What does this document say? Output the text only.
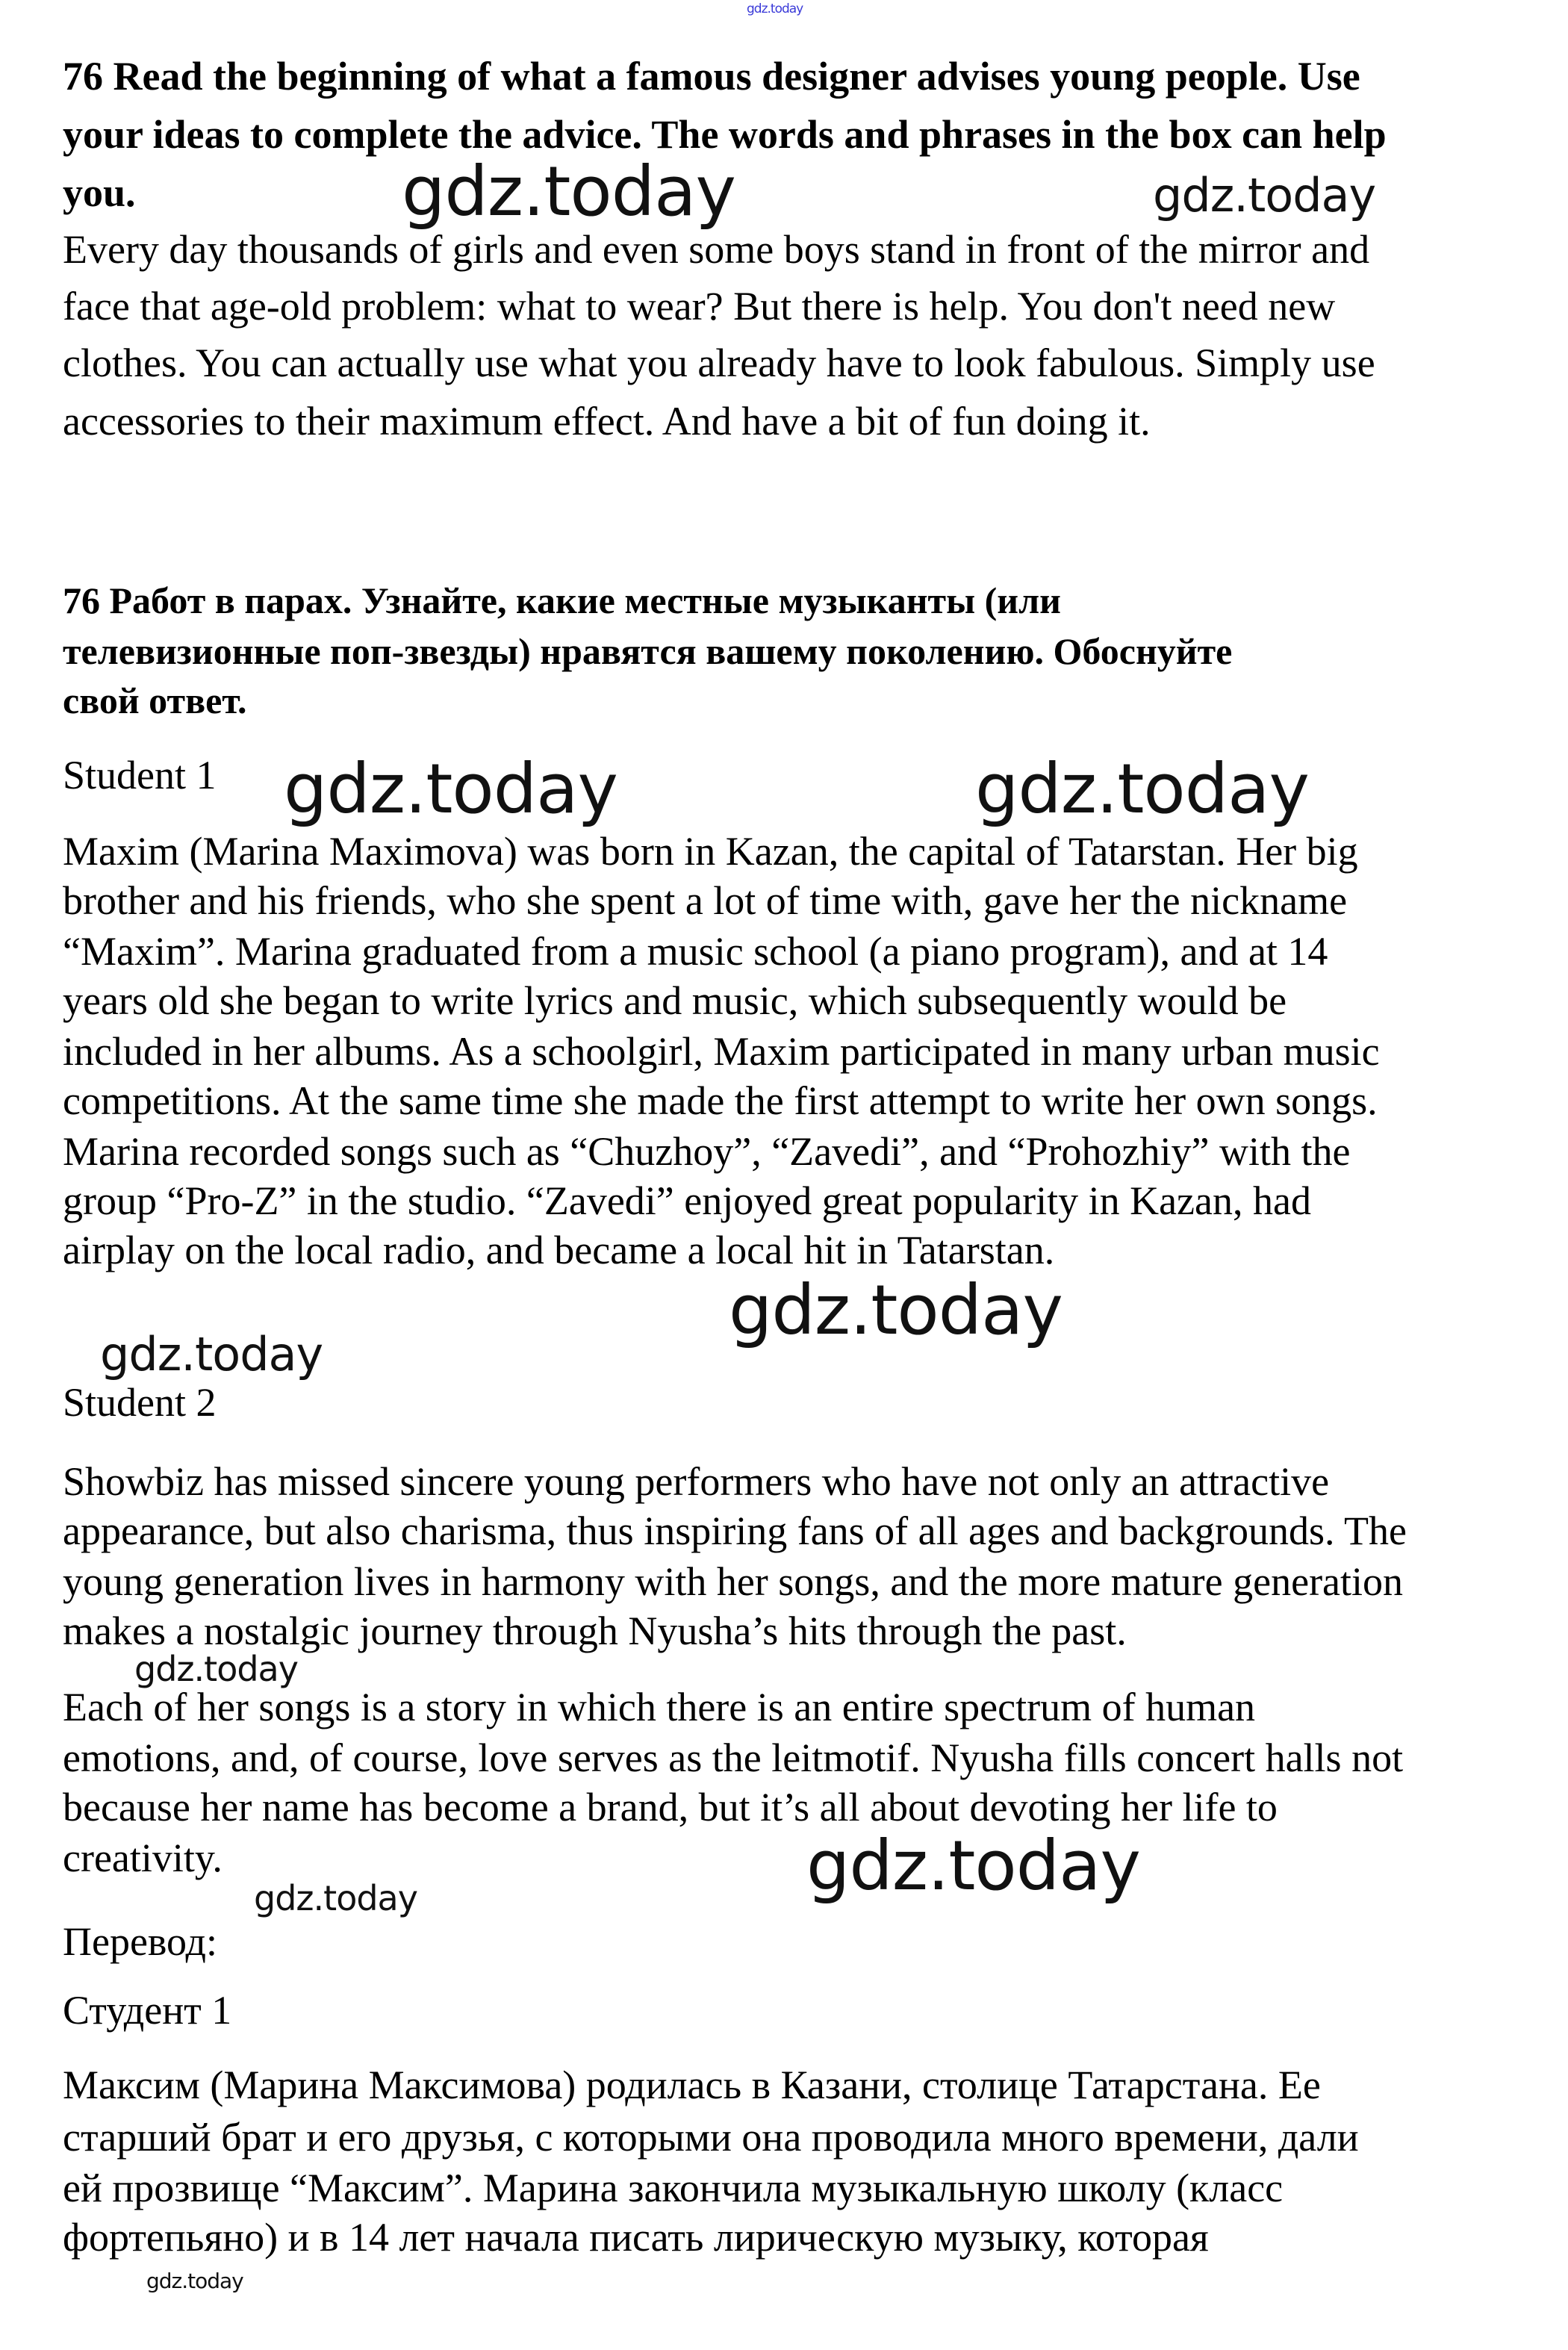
gdz.today
gdz.today	gdz.today
gdz.today	gdz.today
gdz.today
gdz.today
gdz.today
gdz.today
gdz.today
gdz.today
76 Read the beginning of what a famous designer advises young people. Use
your ideas to complete the advice. The words and phrases in the box can help
you.
Every day thousands of girls and even some boys stand in front of the mirror and
face that age-old problem: what to wear? But there is help. You don't need new
clothes. You can actually use what you already have to look fabulous. Simply use
accessories to their maximum effect. And have a bit of fun doing it.
76 Работ в парах. Узнайте, какие местные музыканты (или
телевизионные поп-звезды) нравятся вашему поколению. Обоснуйте
свой ответ.
Student 1
Maxim (Marina Maximova) was born in Kazan, the capital of Tatarstan. Her big
brother and his friends, who she spent a lot of time with, gave her the nickname
“Maxim”. Marina graduated from a music school (a piano program), and at 14
years old she began to write lyrics and music, which subsequently would be
included in her albums. As a schoolgirl, Maxim participated in many urban music
competitions. At the same time she made the first attempt to write her own songs.
Marina recorded songs such as “Chuzhoy”, “Zavedi”, and “Prohozhiy” with the
group “Pro-Z” in the studio. “Zavedi” enjoyed great popularity in Kazan, had
airplay on the local radio, and became a local hit in Tatarstan.
Student 2
Showbiz has missed sincere young performers who have not only an attractive
appearance, but also charisma, thus inspiring fans of all ages and backgrounds. The
young generation lives in harmony with her songs, and the more mature generation
makes a nostalgic journey through Nyusha’s hits through the past.
Each of her songs is a story in which there is an entire spectrum of human
emotions, and, of course, love serves as the leitmotif. Nyusha fills concert halls not
because her name has become a brand, but it’s all about devoting her life to
creativity.
Перевод:
Студент 1
Максим (Марина Максимова) родилась в Казани, столице Татарстана. Ее
старший брат и его друзья, с которыми она проводила много времени, дали
ей прозвище “Максим”. Марина закончила музыкальную школу (класс
фортепьяно) и в 14 лет начала писать лирическую музыку, которая
